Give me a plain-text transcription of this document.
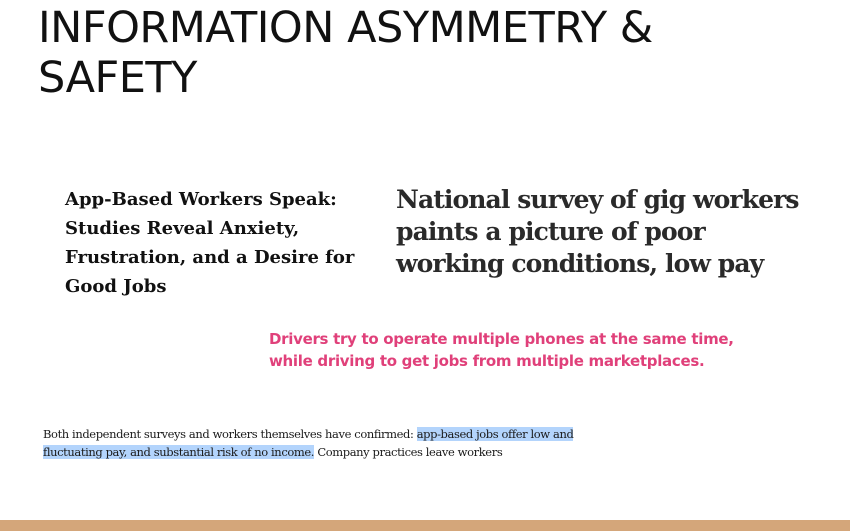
INFORMATION ASYMMETRY & SAFETY

App-Based Workers Speak: Studies Reveal Anxiety, Frustration, and a Desire for Good Jobs

National survey of gig workers paints a picture of poor working conditions, low pay

Drivers try to operate multiple phones at the same time, while driving to get jobs from multiple marketplaces.

Both independent surveys and workers themselves have confirmed: app-based jobs offer low and fluctuating pay, and substantial risk of no income. Company practices leave workers
